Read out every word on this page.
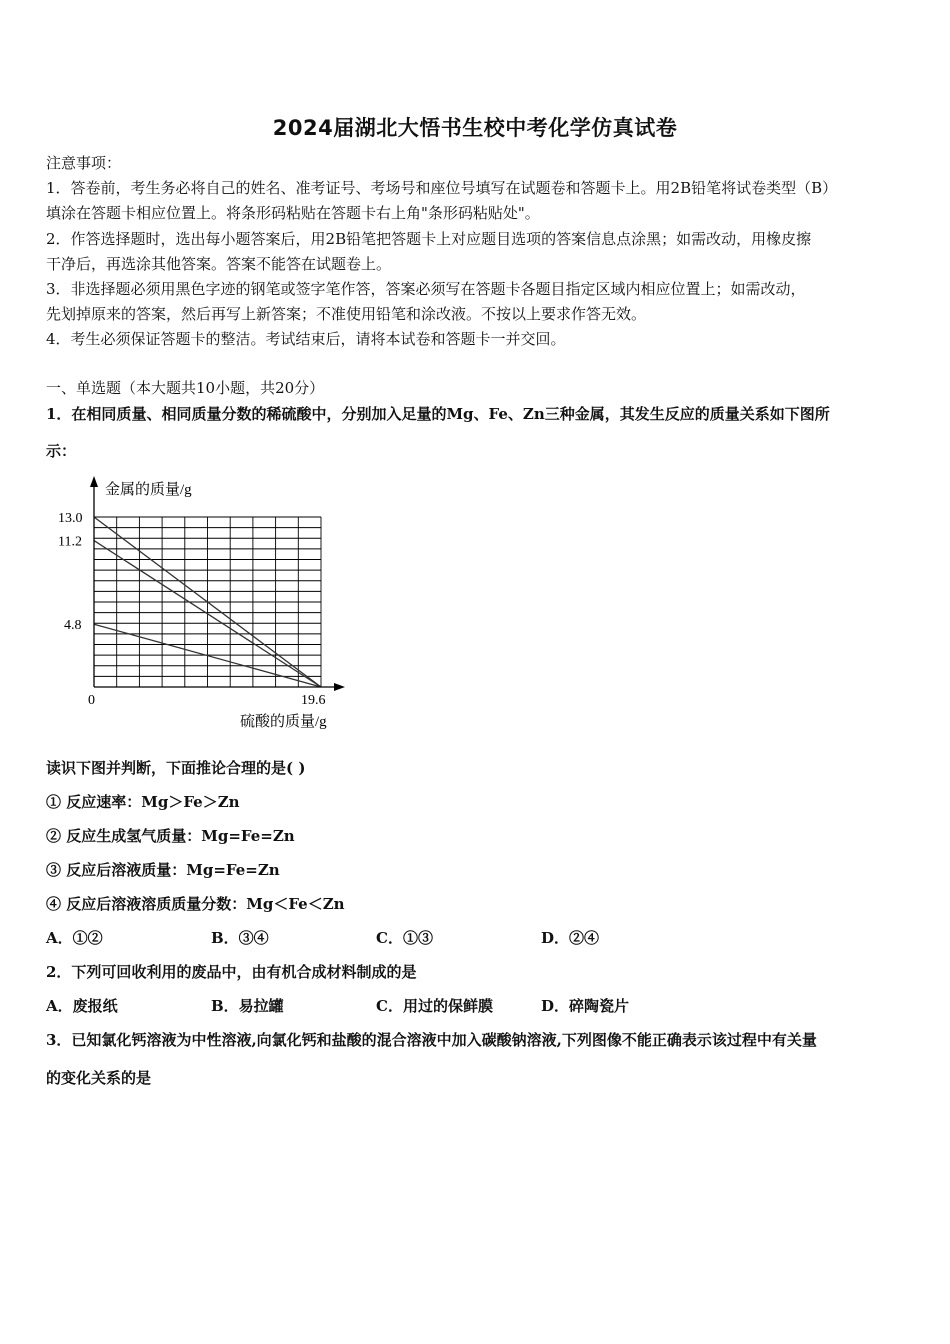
2024届湖北大悟书生校中考化学仿真试卷
注意事项：
1．答卷前，考生务必将自己的姓名、准考证号、考场号和座位号填写在试题卷和答题卡上。用2B铅笔将试卷类型（B）
填涂在答题卡相应位置上。将条形码粘贴在答题卡右上角"条形码粘贴处"。
2．作答选择题时，选出每小题答案后，用2B铅笔把答题卡上对应题目选项的答案信息点涂黑；如需改动，用橡皮擦
干净后，再选涂其他答案。答案不能答在试题卷上。
3．非选择题必须用黑色字迹的钢笔或签字笔作答，答案必须写在答题卡各题目指定区域内相应位置上；如需改动，
先划掉原来的答案，然后再写上新答案；不准使用铅笔和涂改液。不按以上要求作答无效。
4．考生必须保证答题卡的整洁。考试结束后，请将本试卷和答题卡一并交回。
一、单选题（本大题共10小题，共20分）
1．在相同质量、相同质量分数的稀硫酸中，分别加入足量的Mg、Fe、Zn三种金属，其发生反应的质量关系如下图所
示：
金属的质量/g
硫酸的质量/g
0
13.0
11.2
4.8
19.6
读识下图并判断，下面推论合理的是( )
① 反应速率：Mg＞Fe＞Zn
② 反应生成氢气质量：Mg=Fe=Zn
③ 反应后溶液质量：Mg=Fe=Zn
④ 反应后溶液溶质质量分数：Mg＜Fe＜Zn
A．①②	B．③④	C．①③	D．②④
2．下列可回收利用的废品中，由有机合成材料制成的是
A．废报纸	B．易拉罐	C．用过的保鲜膜	D．碎陶瓷片
3．已知氯化钙溶液为中性溶液,向氯化钙和盐酸的混合溶液中加入碳酸钠溶液,下列图像不能正确表示该过程中有关量
的变化关系的是
